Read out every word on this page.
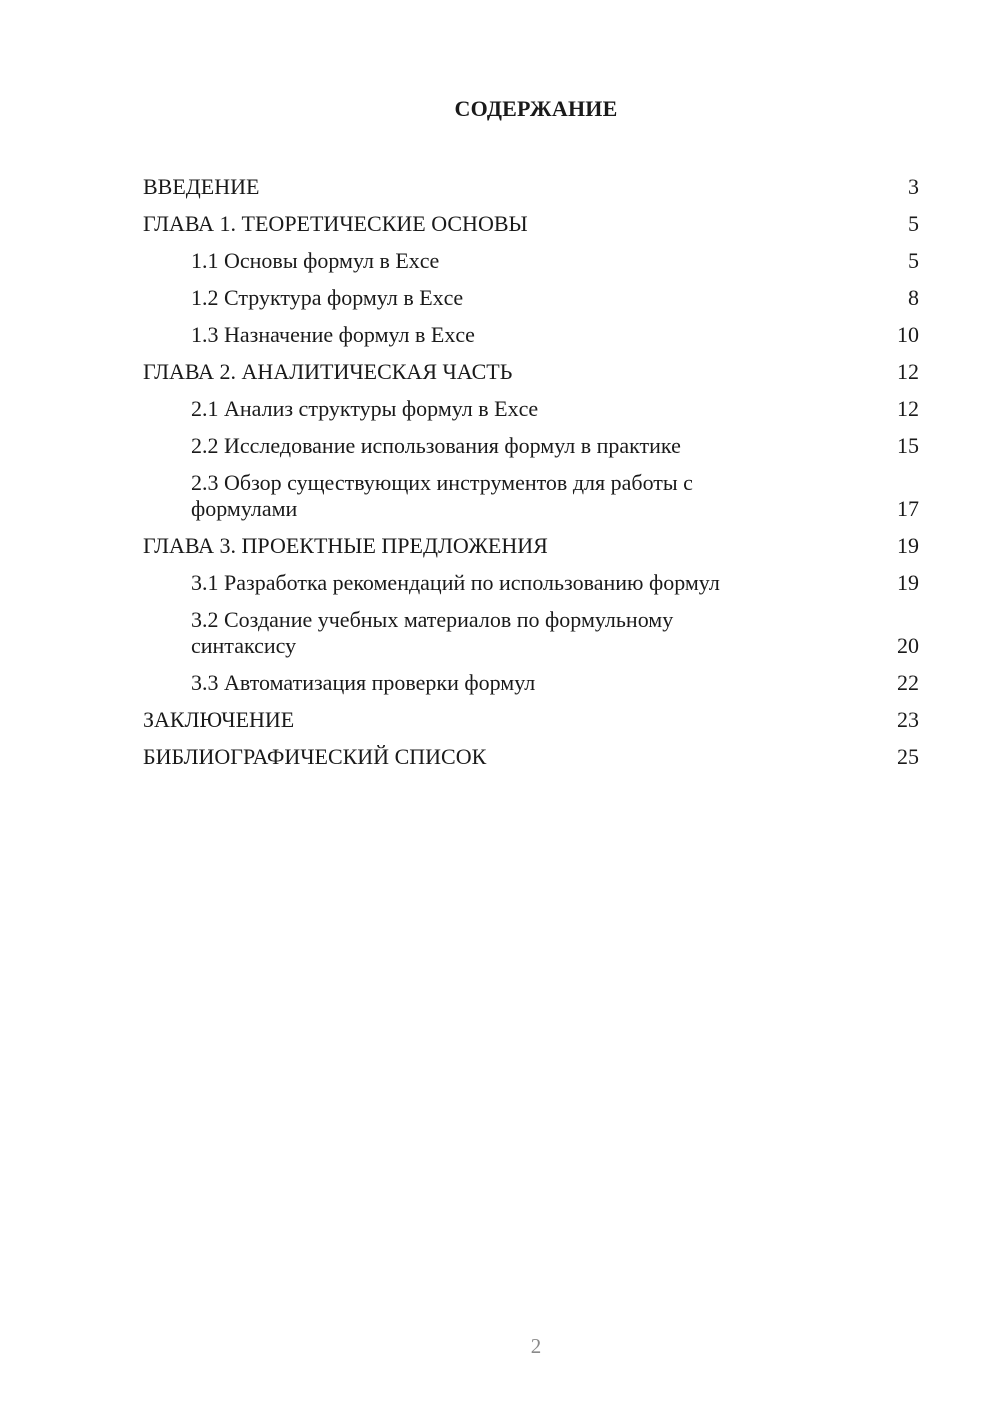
СОДЕРЖАНИЕ
ВВЕДЕНИЕ	3
ГЛАВА 1. ТЕОРЕТИЧЕСКИЕ ОСНОВЫ	5
1.1 Основы формул в Exce	5
1.2 Структура формул в Exce	8
1.3 Назначение формул в Exce	10
ГЛАВА 2. АНАЛИТИЧЕСКАЯ ЧАСТЬ	12
2.1 Анализ структуры формул в Exce	12
2.2 Исследование использования формул в практике	15
2.3 Обзор существующих инструментов для работы с формулами	17
ГЛАВА 3. ПРОЕКТНЫЕ ПРЕДЛОЖЕНИЯ	19
3.1 Разработка рекомендаций по использованию формул	19
3.2 Создание учебных материалов по формульному синтаксису	20
3.3 Автоматизация проверки формул	22
ЗАКЛЮЧЕНИЕ	23
БИБЛИОГРАФИЧЕСКИЙ СПИСОК	25
2
